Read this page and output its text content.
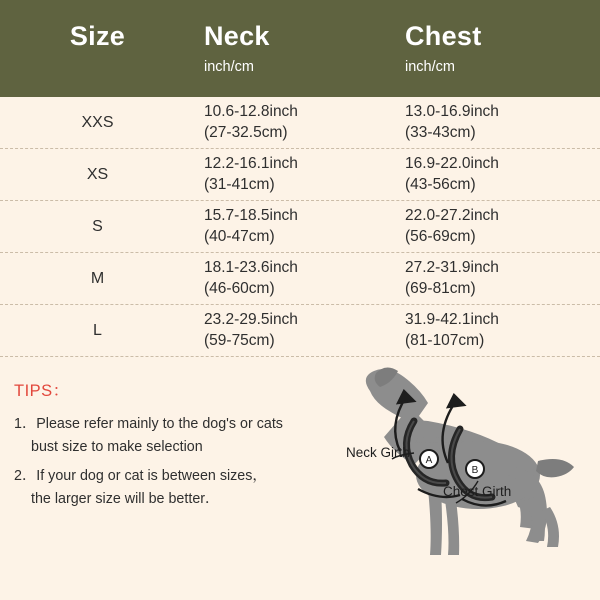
Size	Neck
inch/cm
Chest
inch/cm
XXS
10.6-12.8inch
(27-32.5cm)
13.0-16.9inch
(33-43cm)
XS
12.2-16.1inch
(31-41cm)
16.9-22.0inch
(43-56cm)
S
15.7-18.5inch
(40-47cm)
22.0-27.2inch
(56-69cm)
M
18.1-23.6inch
(46-60cm)
27.2-31.9inch
(69-81cm)
L
23.2-29.5inch
(59-75cm)
31.9-42.1inch
(81-107cm)
TIPS：

1．Please refer mainly to the dog's or cats

bust size to make selection

2．If your dog or cat is between sizes，

the larger size will be better．

A
B
Neck Girth
Chest Girth
